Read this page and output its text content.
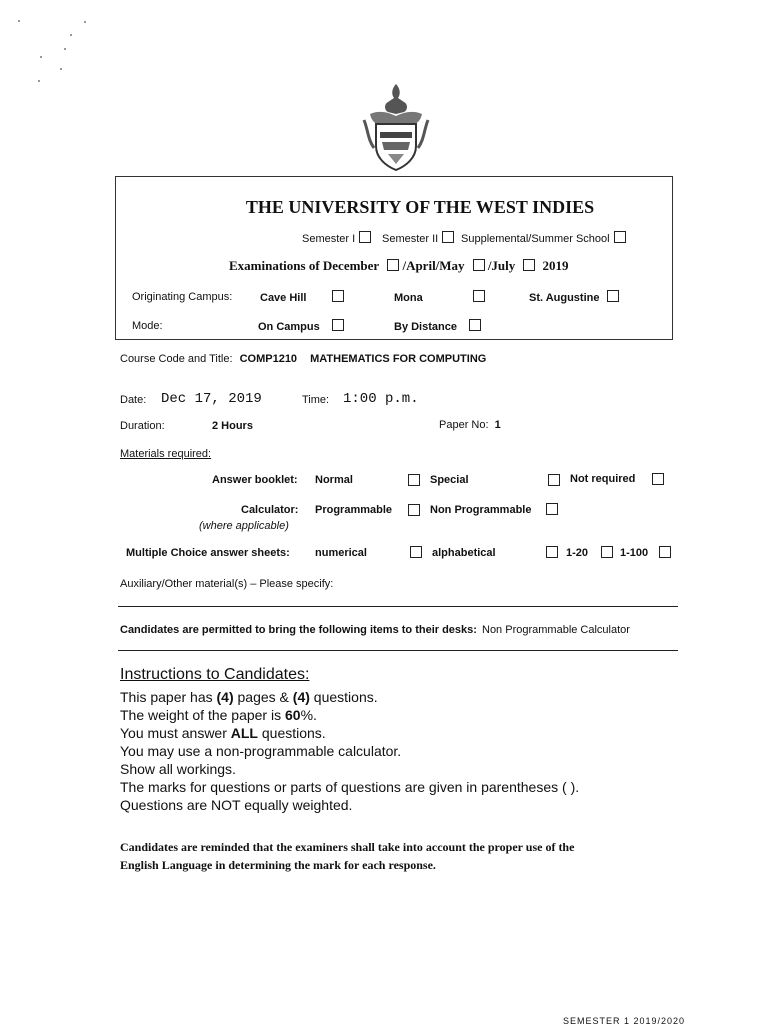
THE UNIVERSITY OF THE WEST INDIES
Semester I	Semester II	Supplemental/Summer School
Examinations of December /April/May /July 2019
Originating Campus:	Cave Hill	Mona	St. Augustine
Mode:	On Campus	By Distance
Course Code and Title: COMP1210 MATHEMATICS FOR COMPUTING
Date: Dec 17, 2019	Time: 1:00 p.m.
Duration:	2 Hours	Paper No: 1
Materials required:
Answer booklet: Normal	Special	Not required
Calculator:
(where applicable)
Programmable	Non Programmable
Multiple Choice answer sheets: numerical	alphabetical	1-20	1-100
Auxiliary/Other material(s) – Please specify:
Candidates are permitted to bring the following items to their desks: Non Programmable Calculator
Instructions to Candidates:
This paper has (4) pages & (4) questions.
The weight of the paper is 60%.
You must answer ALL questions.
You may use a non-programmable calculator.
Show all workings.
The marks for questions or parts of questions are given in parentheses ( ).
Questions are NOT equally weighted.
Candidates are reminded that the examiners shall take into account the proper use of the
English Language in determining the mark for each response.
SEMESTER 1 2019/2020
